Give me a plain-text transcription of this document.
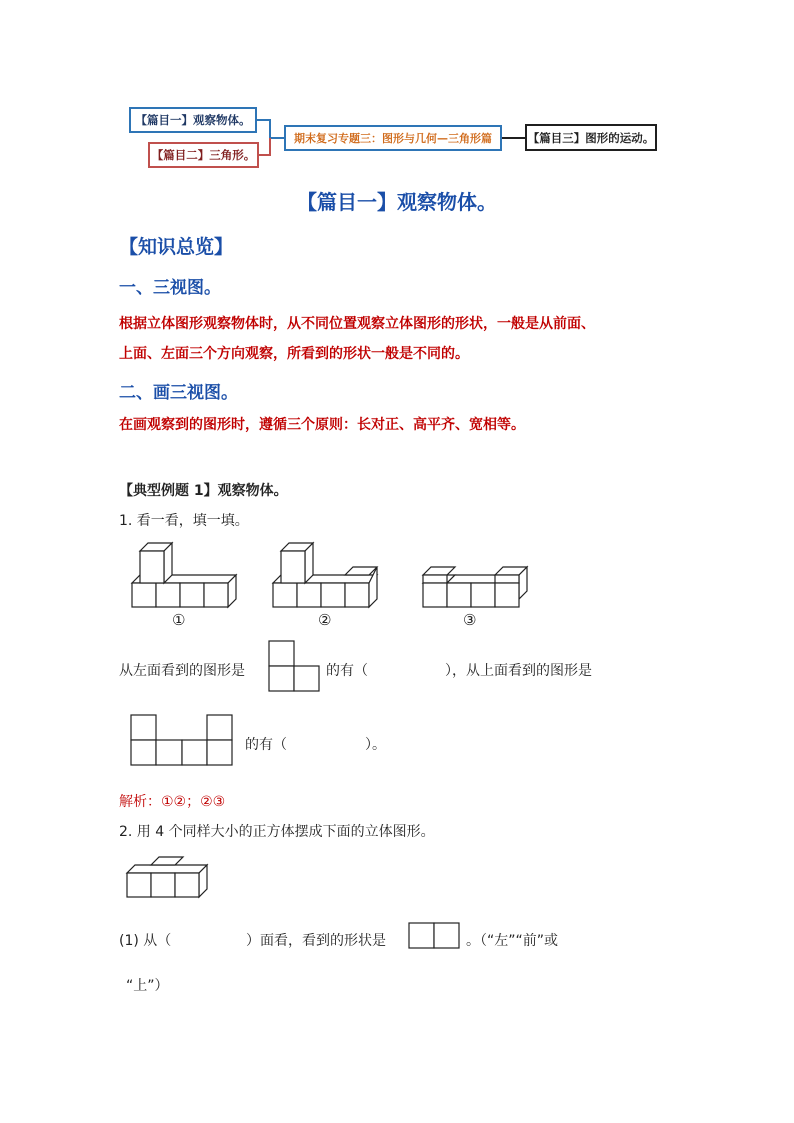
【篇目一】观察物体。
【篇目二】三角形。
期末复习专题三：图形与几何—三角形篇	【篇目三】图形的运动。
【篇目一】观察物体。
【知识总览】
一、三视图。
根据立体图形观察物体时，从不同位置观察立体图形的形状，一般是从前面、
上面、左面三个方向观察，所看到的形状一般是不同的。
二、画三视图。
在画观察到的图形时，遵循三个原则：长对正、高平齐、宽相等。
【典型例题 1】观察物体。
1. 看一看，填一填。
①	②	③
从左面看到的图形是	的有（	），从上面看到的图形是
的有（	）。
解析：①②；②③
2. 用 4 个同样大小的正方体摆成下面的立体图形。
(1) 从（	）面看，看到的形状是	。（“左”“前”或
“上”）
